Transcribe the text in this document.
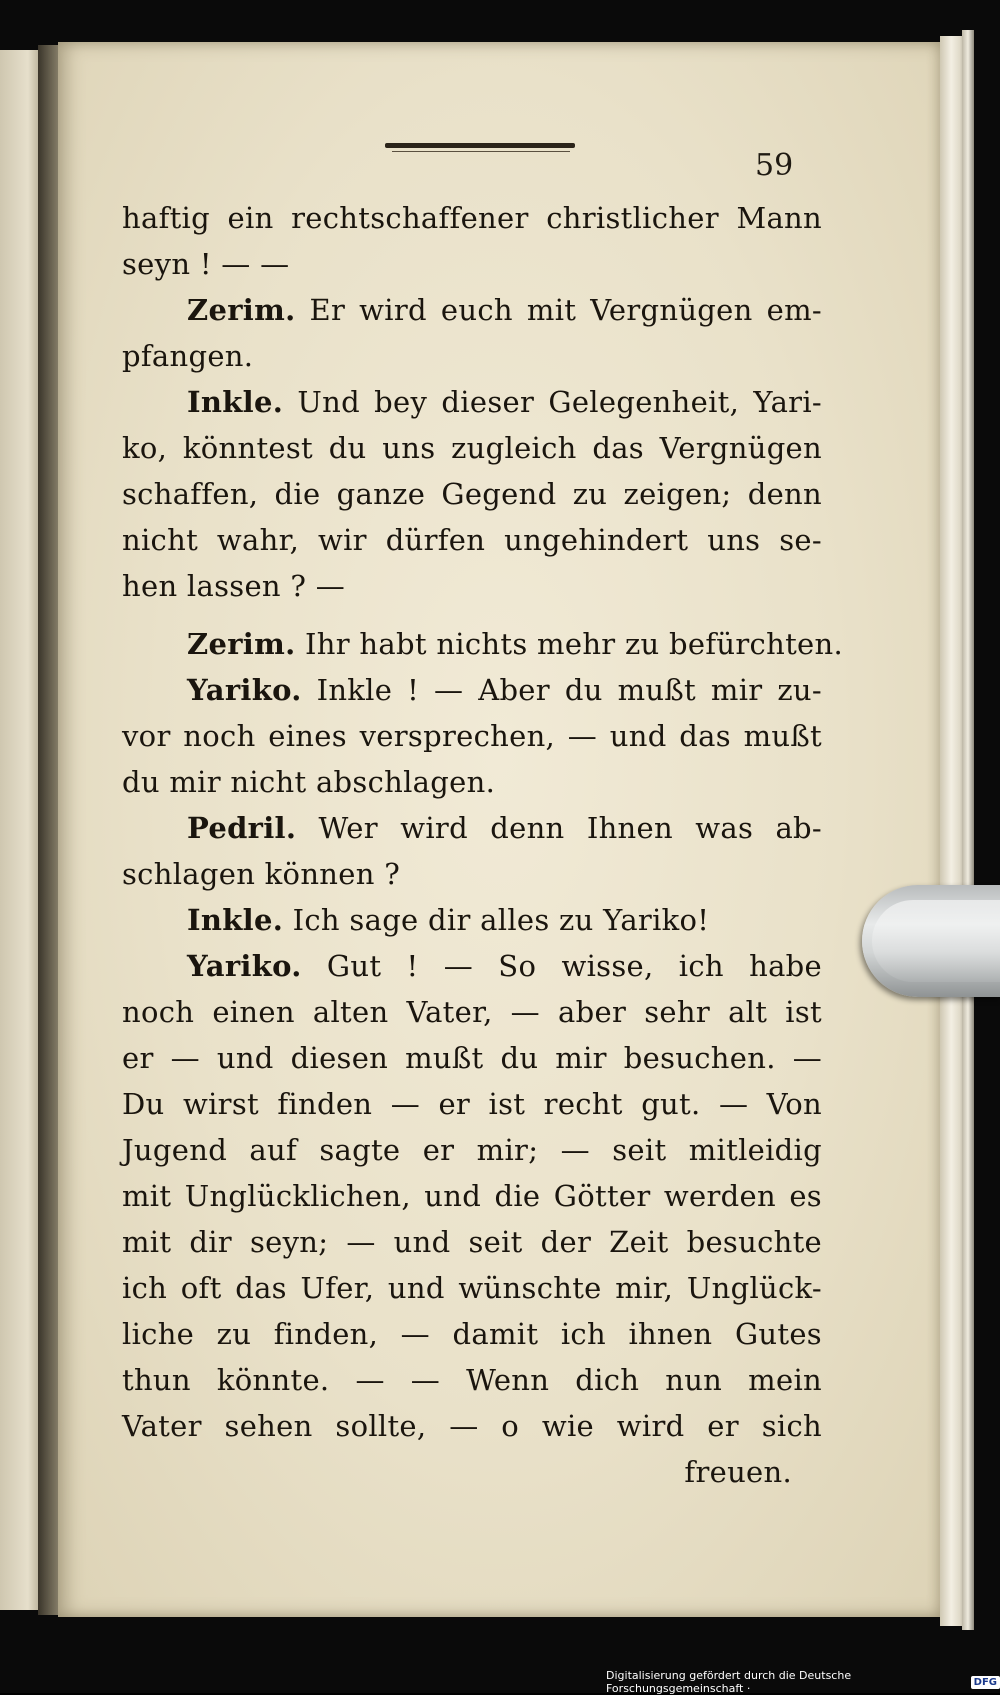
59
haftig ein rechtschaffener christlicher Mann
seyn ! — —
Zerim. Er wird euch mit Vergnügen em-
pfangen.
Inkle. Und bey dieser Gelegenheit, Yari-
ko, könntest du uns zugleich das Vergnügen
schaffen, die ganze Gegend zu zeigen; denn
nicht wahr, wir dürfen ungehindert uns se-
hen lassen ? —
Zerim. Ihr habt nichts mehr zu befürchten.
Yariko. Inkle ! — Aber du mußt mir zu-
vor noch eines versprechen, — und das mußt
du mir nicht abschlagen.
Pedril. Wer wird denn Ihnen was ab-
schlagen können ?
Inkle. Ich sage dir alles zu Yariko!
Yariko. Gut ! — So wisse, ich habe
noch einen alten Vater, — aber sehr alt ist
er — und diesen mußt du mir besuchen. —
Du wirst finden — er ist recht gut. — Von
Jugend auf sagte er mir; — seit mitleidig
mit Unglücklichen, und die Götter werden es
mit dir seyn; — und seit der Zeit besuchte
ich oft das Ufer, und wünschte mir, Unglück-
liche zu finden, — damit ich ihnen Gutes
thun könnte. — — Wenn dich nun mein
Vater sehen sollte, — o wie wird er sich
freuen.
Digitalisierung gefördert durch die Deutsche Forschungsgemeinschaft ·	DFG
